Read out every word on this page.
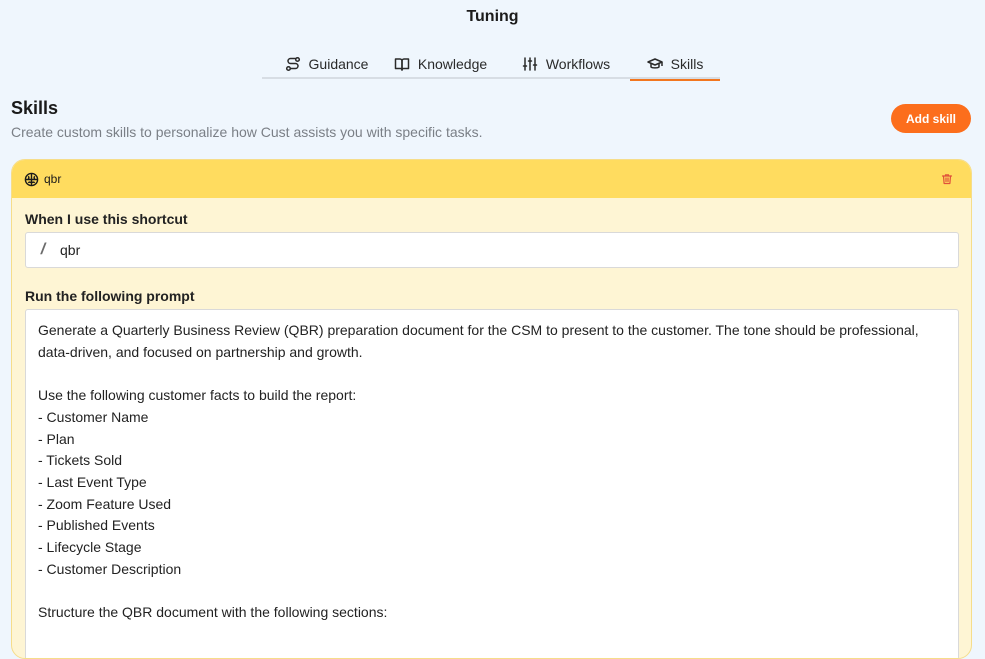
Tuning
Guidance	Knowledge	Workflows	Skills
Skills
Create custom skills to personalize how Cust assists you with specific tasks.
Add skill
qbr
When I use this shortcut
/
qbr
Run the following prompt
Generate a Quarterly Business Review (QBR) preparation document for the CSM to present to the customer. The tone should be professional, data-driven, and focused on partnership and growth.

Use the following customer facts to build the report:
- Customer Name
- Plan
- Tickets Sold
- Last Event Type
- Zoom Feature Used
- Published Events
- Lifecycle Stage
- Customer Description

Structure the QBR document with the following sections:
